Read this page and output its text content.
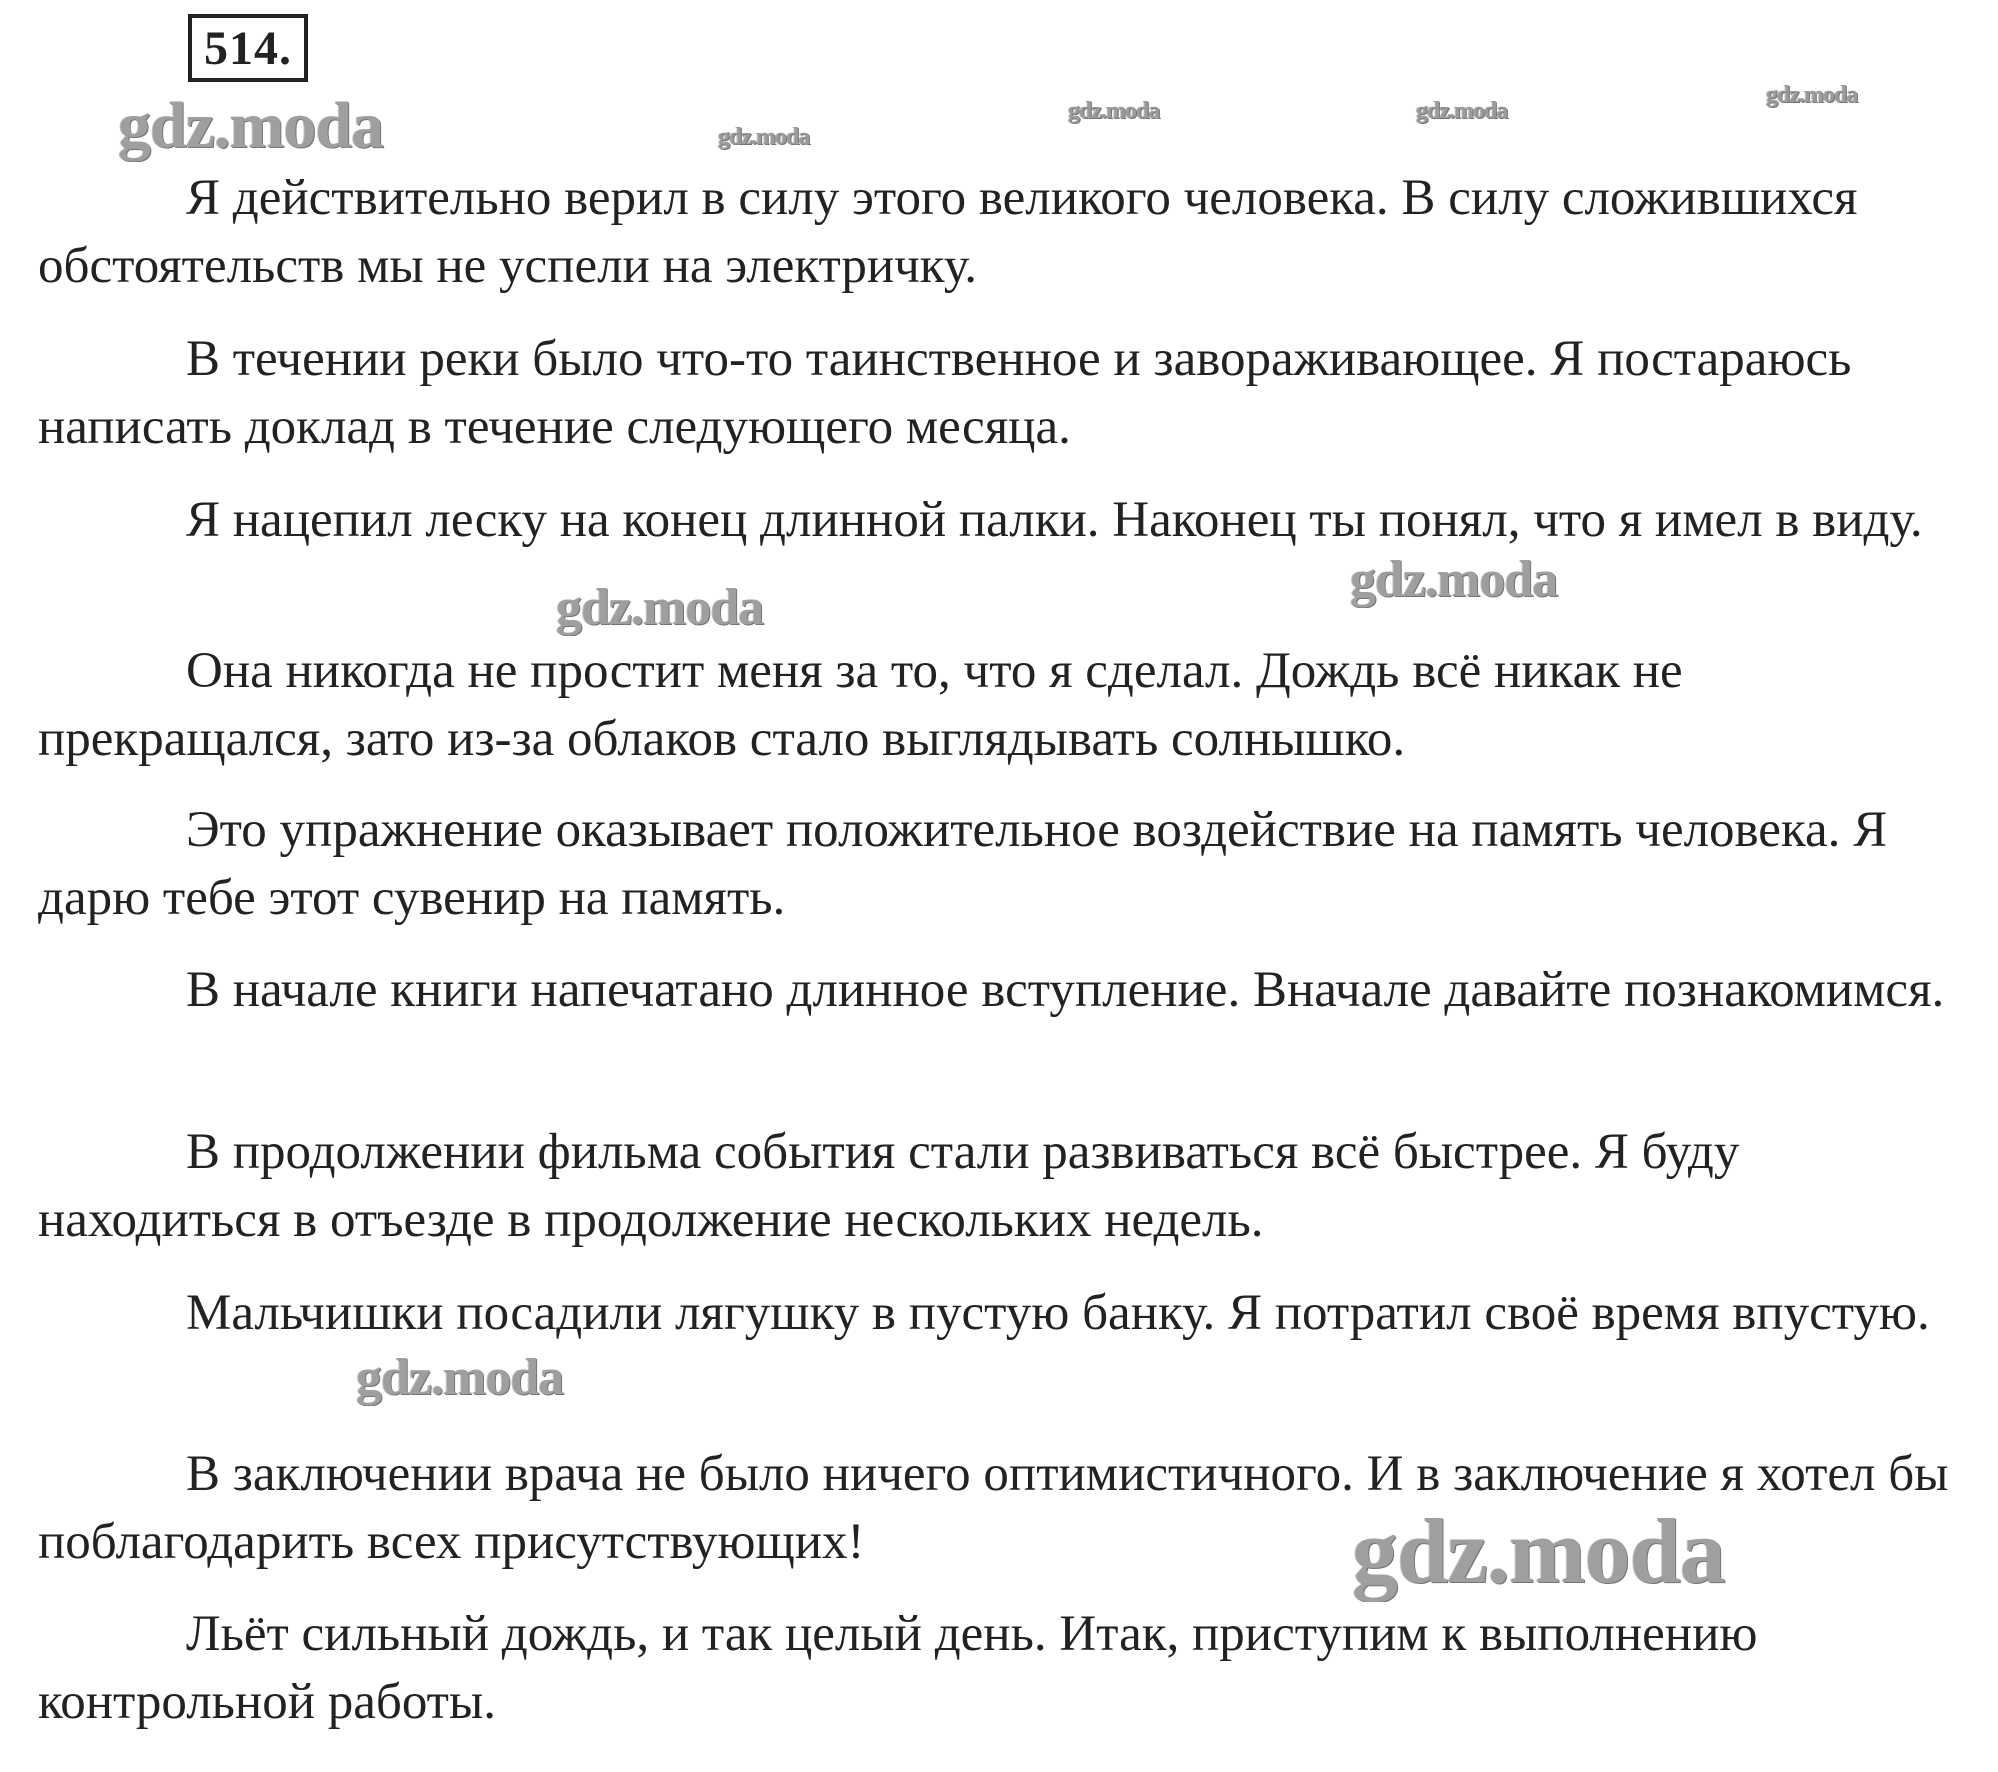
514.
gdz.moda	gdz.moda
gdz.moda	gdz.moda
gdz.moda

Я действительно верил в силу этого великого человека. В силу сложившихся обстоятельств мы не успели на электричку.

В течении реки было что-то таинственное и завораживающее. Я постараюсь написать доклад в течение следующего месяца.

Я нацепил леску на конец длинной палки. Наконец ты понял, что я имел в виду.

Она никогда не простит меня за то, что я сделал. Дождь всё никак не прекращался, зато из-за облаков стало выглядывать солнышко.

Это упражнение оказывает положительное воздействие на память человека. Я дарю тебе этот сувенир на память.

В начале книги напечатано длинное вступление. Вначале давайте познакомимся.

В продолжении фильма события стали развиваться всё быстрее. Я буду находиться в отъезде в продолжение нескольких недель.

Мальчишки посадили лягушку в пустую банку. Я потратил своё время впустую.

В заключении врача не было ничего оптимистичного. И в заключение я хотел бы поблагодарить всех присутствующих!

Льёт сильный дождь, и так целый день. Итак, приступим к выполнению контрольной работы.

gdz.moda	gdz.moda
gdz.moda
gdz.moda
